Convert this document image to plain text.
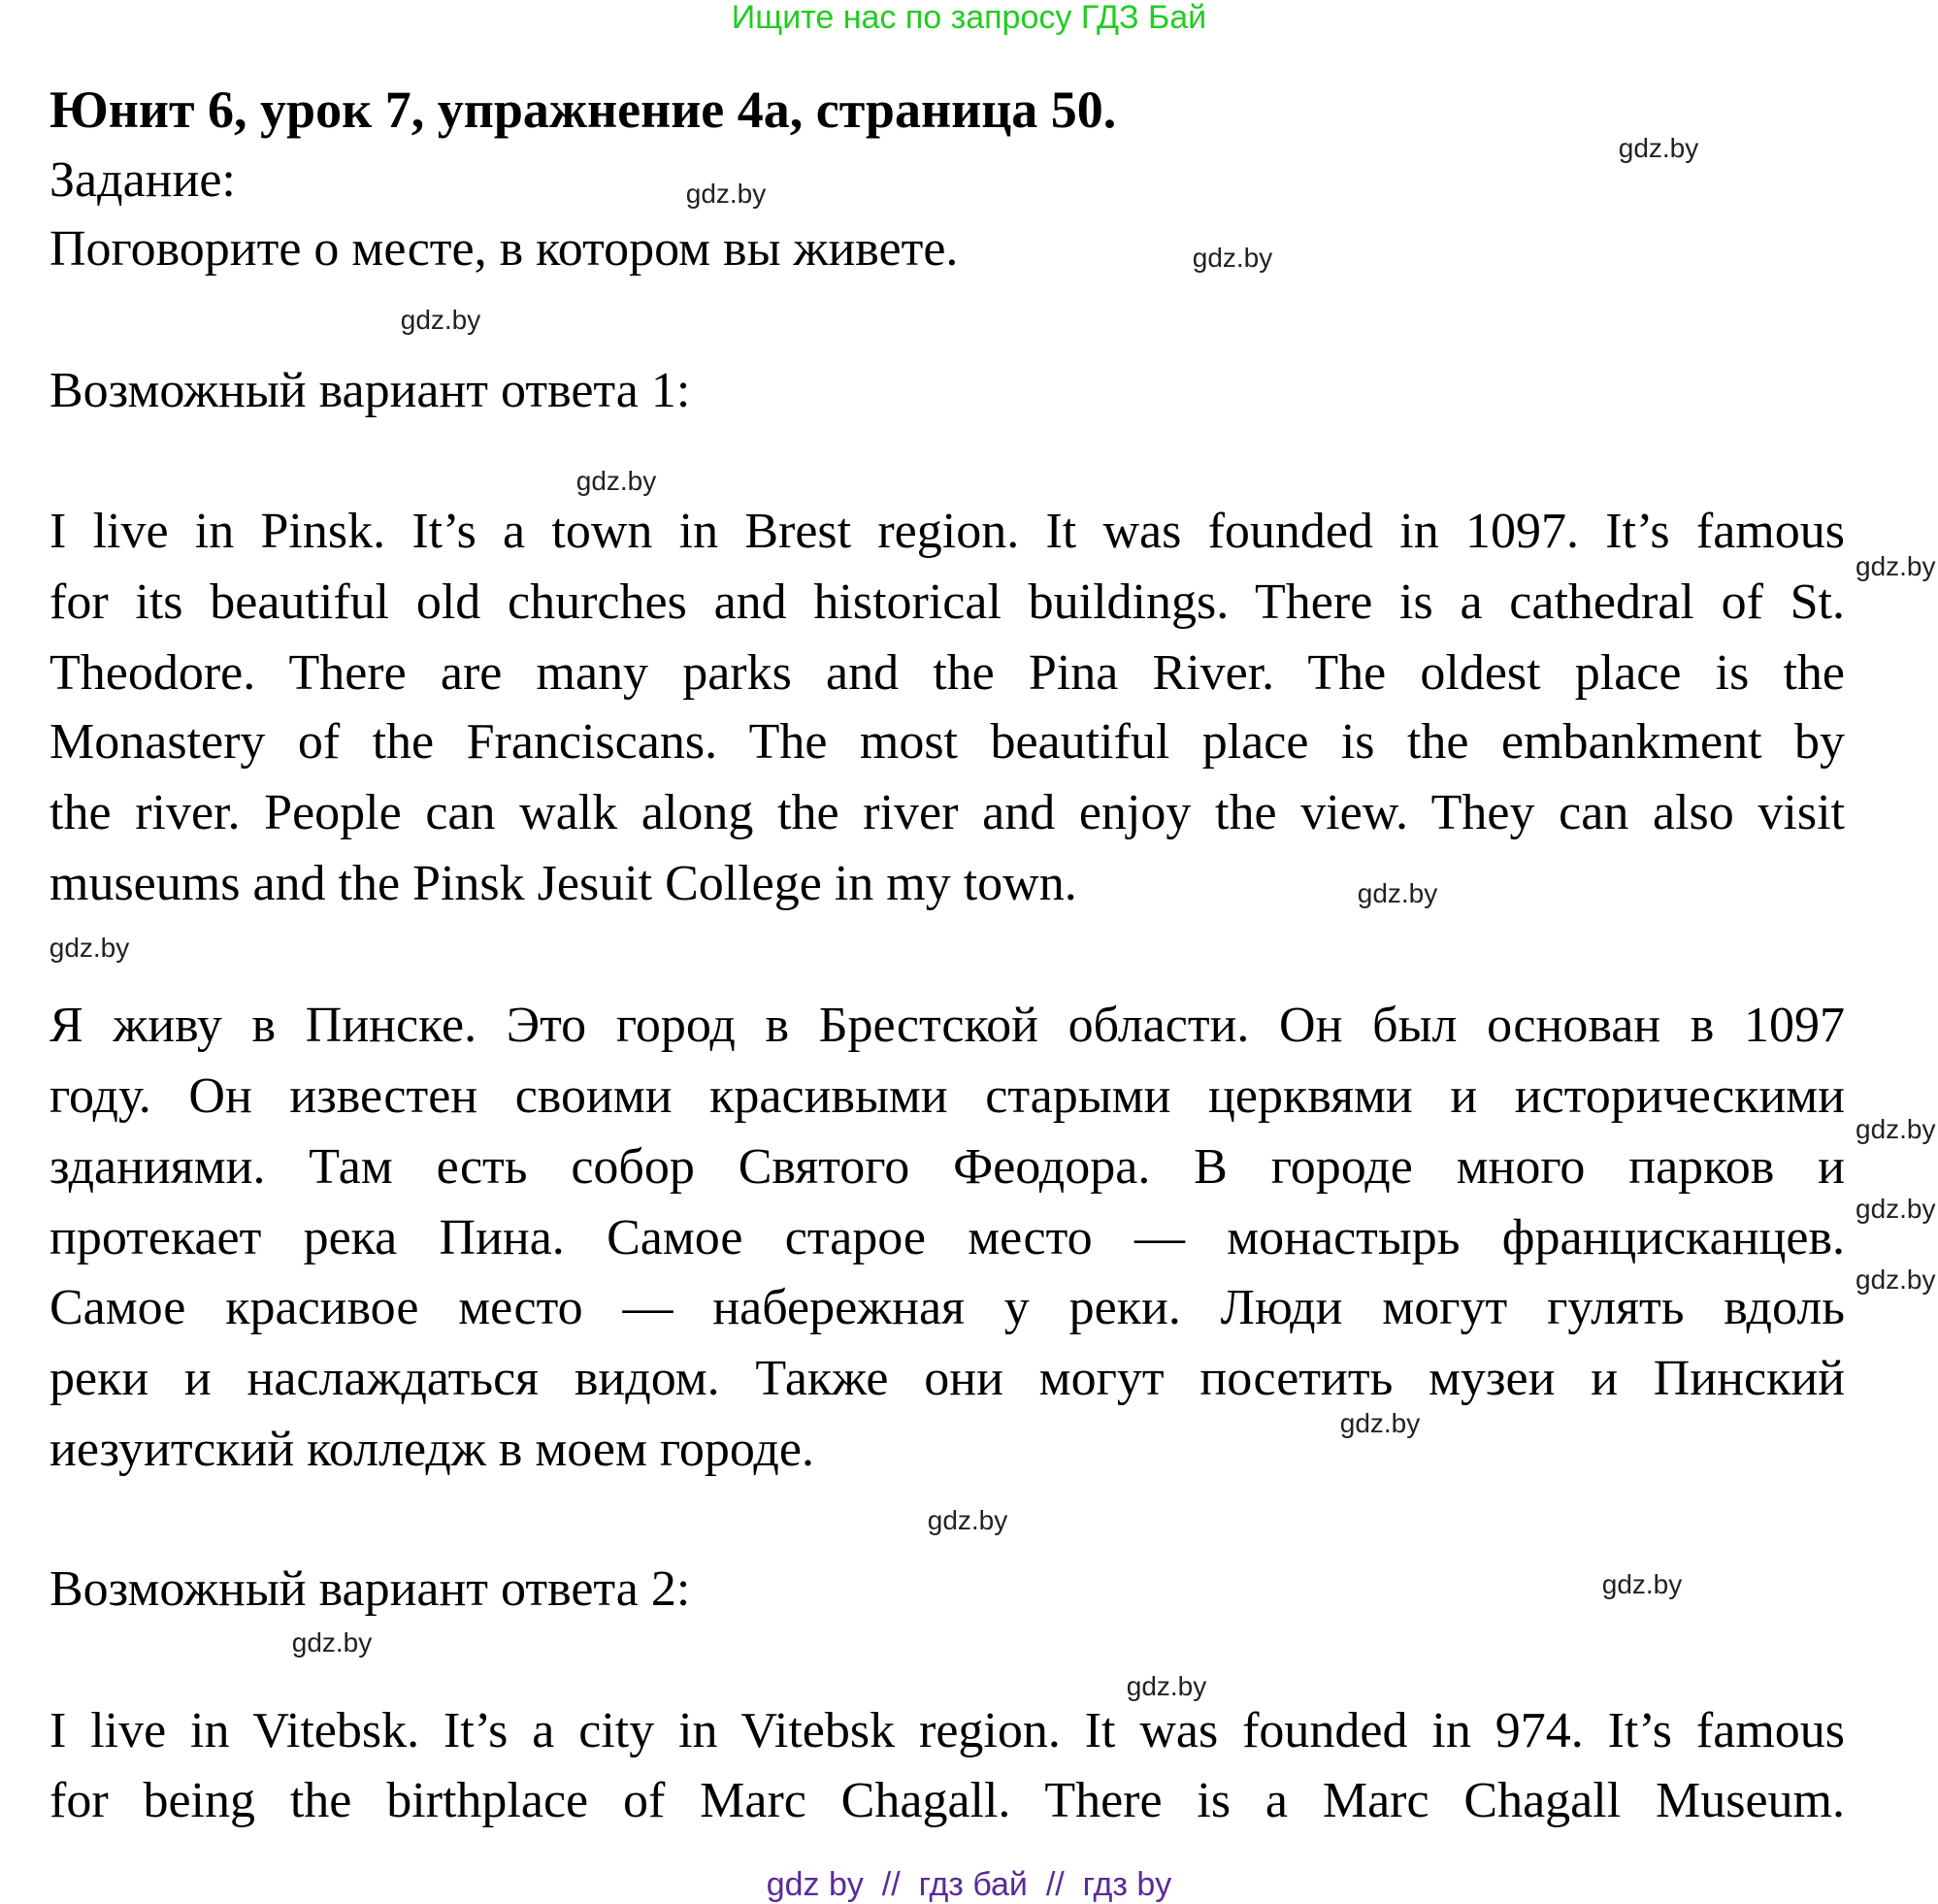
Ищите нас по запросу ГДЗ Бай
Юнит 6, урок 7, упражнение 4а, страница 50.
Задание:
Поговорите о месте, в котором вы живете.
Возможный вариант ответа 1:
I live in Pinsk. It’s a town in Brest region. It was founded in 1097. It’s famous
for its beautiful old churches and historical buildings. There is a cathedral of St.
Theodore. There are many parks and the Pina River. The oldest place is the
Monastery of the Franciscans. The most beautiful place is the embankment by
the river. People can walk along the river and enjoy the view. They can also visit
museums and the Pinsk Jesuit College in my town.
Я живу в Пинске. Это город в Брестской области. Он был основан в 1097
году. Он известен своими красивыми старыми церквями и историческими
зданиями. Там есть собор Святого Феодора. В городе много парков и
протекает река Пина. Самое старое место — монастырь францисканцев.
Самое красивое место — набережная у реки. Люди могут гулять вдоль
реки и наслаждаться видом. Также они могут посетить музеи и Пинский
иезуитский колледж в моем городе.
Возможный вариант ответа 2:
I live in Vitebsk. It’s a city in Vitebsk region. It was founded in 974. It’s famous
for being the birthplace of Marc Chagall. There is a Marc Chagall Museum.
gdz.by
gdz.by
gdz.by
gdz.by
gdz.by
gdz.by
gdz.by
gdz.by
gdz.by
gdz.by
gdz.by
gdz.by
gdz.by
gdz.by
gdz.by
gdz.by
gdz by  //  гдз бай  //  гдз by
